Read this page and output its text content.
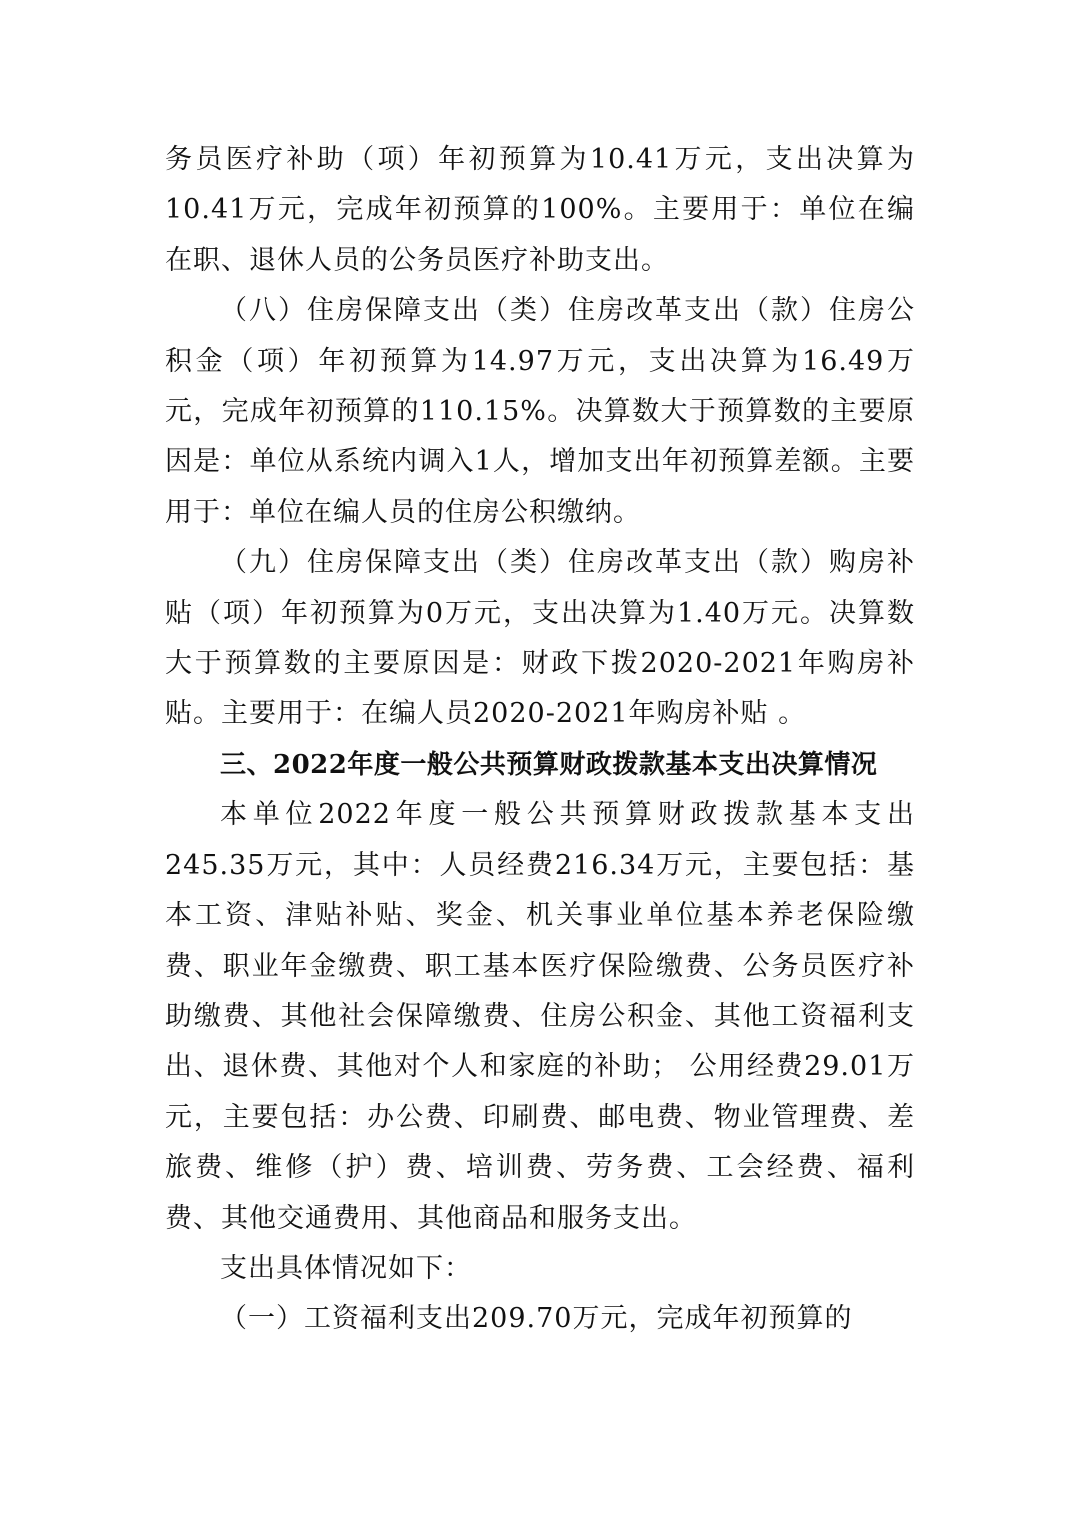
务员医疗补助（项）年初预算为10.41万元，支出决算为10.41万元，完成年初预算的100%。主要用于：单位在编在职、退休人员的公务员医疗补助支出。

（八）住房保障支出（类）住房改革支出（款）住房公积金（项）年初预算为14.97万元，支出决算为16.49万元，完成年初预算的110.15%。决算数大于预算数的主要原因是：单位从系统内调入1人，增加支出年初预算差额。主要用于：单位在编人员的住房公积缴纳。

（九）住房保障支出（类）住房改革支出（款）购房补贴（项）年初预算为0万元，支出决算为1.40万元。决算数大于预算数的主要原因是：财政下拨2020-2021年购房补贴。主要用于：在编人员2020-2021年购房补贴 。

三、2022年度一般公共预算财政拨款基本支出决算情况

本单位2022年度一般公共预算财政拨款基本支出245.35万元，其中：人员经费216.34万元，主要包括：基本工资、津贴补贴、奖金、机关事业单位基本养老保险缴费、职业年金缴费、职工基本医疗保险缴费、公务员医疗补助缴费、其他社会保障缴费、住房公积金、其他工资福利支出、退休费、其他对个人和家庭的补助； 公用经费29.01万元，主要包括：办公费、印刷费、邮电费、物业管理费、差旅费、维修（护）费、培训费、劳务费、工会经费、福利费、其他交通费用、其他商品和服务支出。

支出具体情况如下：

（一）工资福利支出209.70万元，完成年初预算的
